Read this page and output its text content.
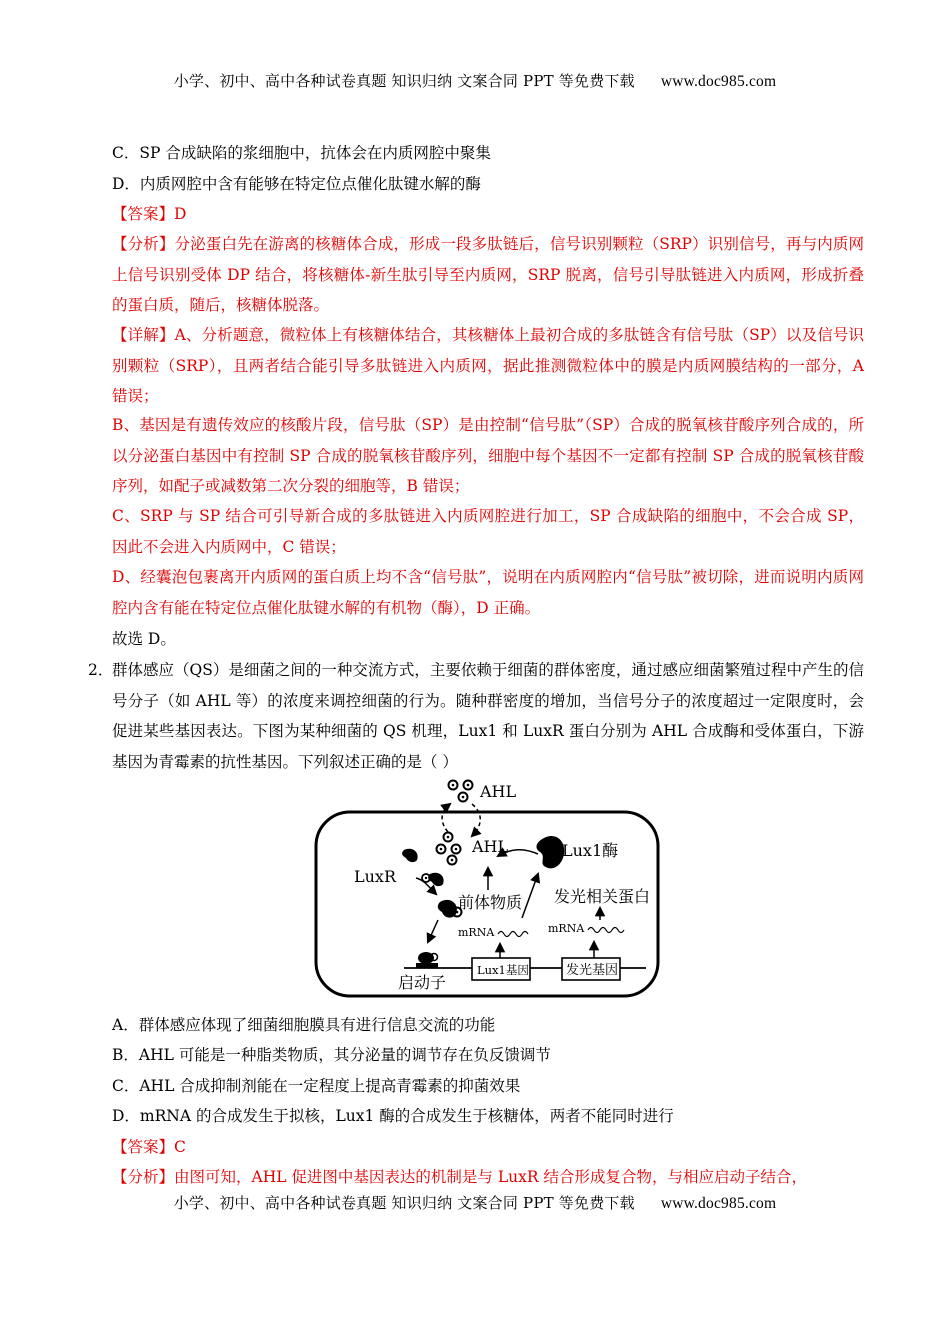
小学、初中、高中各种试卷真题 知识归纳 文案合同 PPT 等免费下载 www.doc985.com
C．SP 合成缺陷的浆细胞中，抗体会在内质网腔中聚集
D．内质网腔中含有能够在特定位点催化肽键水解的酶
【答案】D
【分析】分泌蛋白先在游离的核糖体合成，形成一段多肽链后，信号识别颗粒（SRP）识别信号，再与内质网上信号识别受体 DP 结合，将核糖体-新生肽引导至内质网，SRP 脱离，信号引导肽链进入内质网，形成折叠的蛋白质，随后，核糖体脱落。
【详解】A、分析题意，微粒体上有核糖体结合，其核糖体上最初合成的多肽链含有信号肽（SP）以及信号识别颗粒（SRP），且两者结合能引导多肽链进入内质网，据此推测微粒体中的膜是内质网膜结构的一部分，A 错误；
B、基因是有遗传效应的核酸片段，信号肽（SP）是由控制“信号肽”（SP）合成的脱氧核苷酸序列合成的，所以分泌蛋白基因中有控制 SP 合成的脱氧核苷酸序列，细胞中每个基因不一定都有控制 SP 合成的脱氧核苷酸序列，如配子或减数第二次分裂的细胞等，B 错误；
C、SRP 与 SP 结合可引导新合成的多肽链进入内质网腔进行加工，SP 合成缺陷的细胞中，不会合成 SP，因此不会进入内质网中，C 错误；
D、经囊泡包裹离开内质网的蛋白质上均不含“信号肽”，说明在内质网腔内“信号肽”被切除，进而说明内质网腔内含有能在特定位点催化肽键水解的有机物（酶），D 正确。
故选 D。
2．
群体感应（QS）是细菌之间的一种交流方式，主要依赖于细菌的群体密度，通过感应细菌繁殖过程中产生的信号分子（如 AHL 等）的浓度来调控细菌的行为。随种群密度的增加，当信号分子的浓度超过一定限度时，会促进某些基因表达。下图为某种细菌的 QS 机理，Lux1 和 LuxR 蛋白分别为 AHL 合成酶和受体蛋白，下游基因为青霉素的抗性基因。下列叙述正确的是（ ）
AHL
AHL	Lux1酶
LuxR
前体物质 发光相关蛋白
mRNA	mRNA
启动子
Lux1基因	发光基因
A．群体感应体现了细菌细胞膜具有进行信息交流的功能
B．AHL 可能是一种脂类物质，其分泌量的调节存在负反馈调节
C．AHL 合成抑制剂能在一定程度上提高青霉素的抑菌效果
D．mRNA 的合成发生于拟核，Lux1 酶的合成发生于核糖体，两者不能同时进行
【答案】C
【分析】由图可知，AHL 促进图中基因表达的机制是与 LuxR 结合形成复合物，与相应启动子结合，
小学、初中、高中各种试卷真题 知识归纳 文案合同 PPT 等免费下载 www.doc985.com
